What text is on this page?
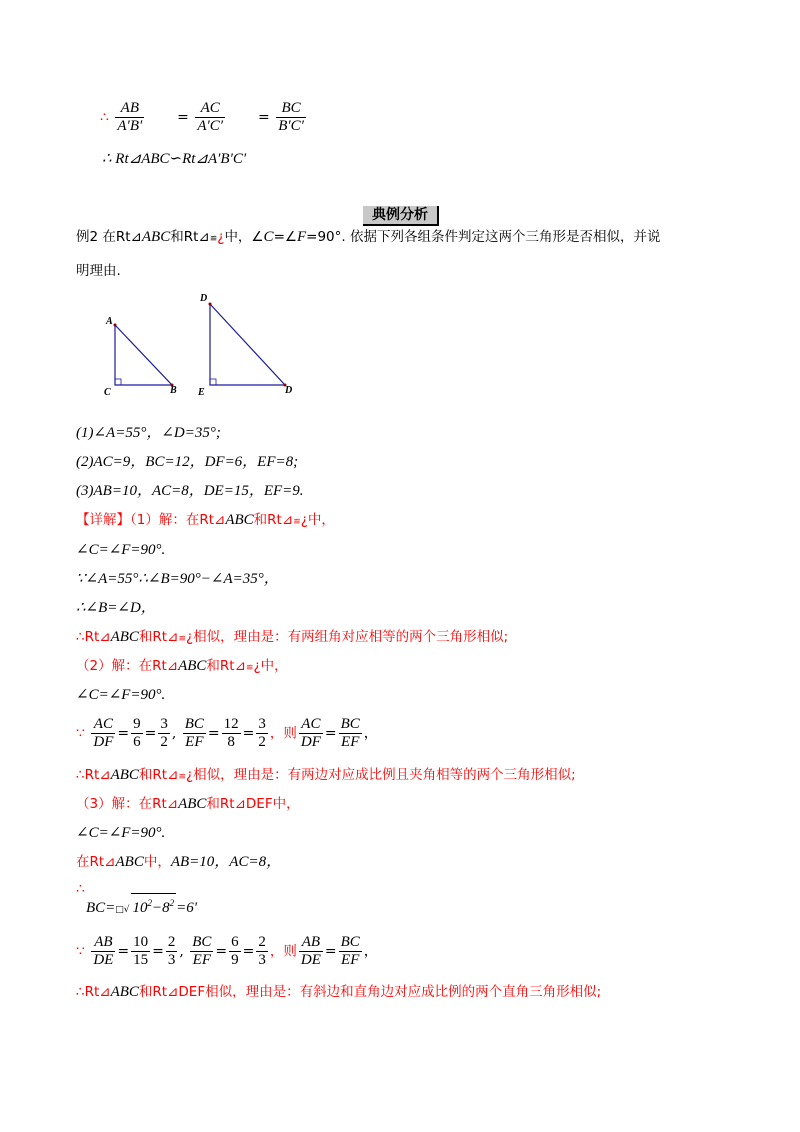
∴ $\frac{AB}{A'B'} = \frac{AC}{A'C'} = \frac{BC}{B'C'}$
∴ Rt⊿ABC∽Rt⊿A′B′C′
典例分析
例2 在Rt⊿ABC和Rt⊿≌¿中，∠C=∠F=90°. 依据下列各组条件判定这两个三角形是否相似，并说
明理由.
A
C	B
D
E	D
(1)∠A=55°，∠D=35°;
(2)AC=9，BC=12，DF=6，EF=8;
(3)AB=10，AC=8，DE=15，EF=9.
【详解】（1）解：在Rt⊿ABC和Rt⊿≌¿中，
∠C=∠F=90°.
∵∠A=55°∴∠B=90°−∠A=35°，
∴∠B=∠D，
∴Rt⊿ABC和Rt⊿≌¿相似，理由是：有两组角对应相等的两个三角形相似;
（2）解：在Rt⊿ABC和Rt⊿≌¿中，
∠C=∠F=90°.
∵ $\frac{AC}{DF} = \frac{9}{6} = \frac{3}{2}$ , $\frac{BC}{EF} = \frac{12}{8} = \frac{3}{2}$ ，则 $\frac{AC}{DF} = \frac{BC}{EF}$ ，
∴Rt⊿ABC和Rt⊿≌¿相似，理由是：有两边对应成比例且夹角相等的两个三角形相似;
（3）解：在Rt⊿ABC和Rt⊿DEF中，
∠C=∠F=90°.
在Rt⊿ABC中，AB=10，AC=8，
∴
BC=□√ $10^2-8^2 =6'$
∵ $\frac{AB}{DE} = \frac{10}{15} = \frac{2}{3}$ , $\frac{BC}{EF} = \frac{6}{9} = \frac{2}{3}$ ，则 $\frac{AB}{DE} = \frac{BC}{EF}$ ，
∴Rt⊿ABC和Rt⊿DEF相似，理由是：有斜边和直角边对应成比例的两个直角三角形相似;
